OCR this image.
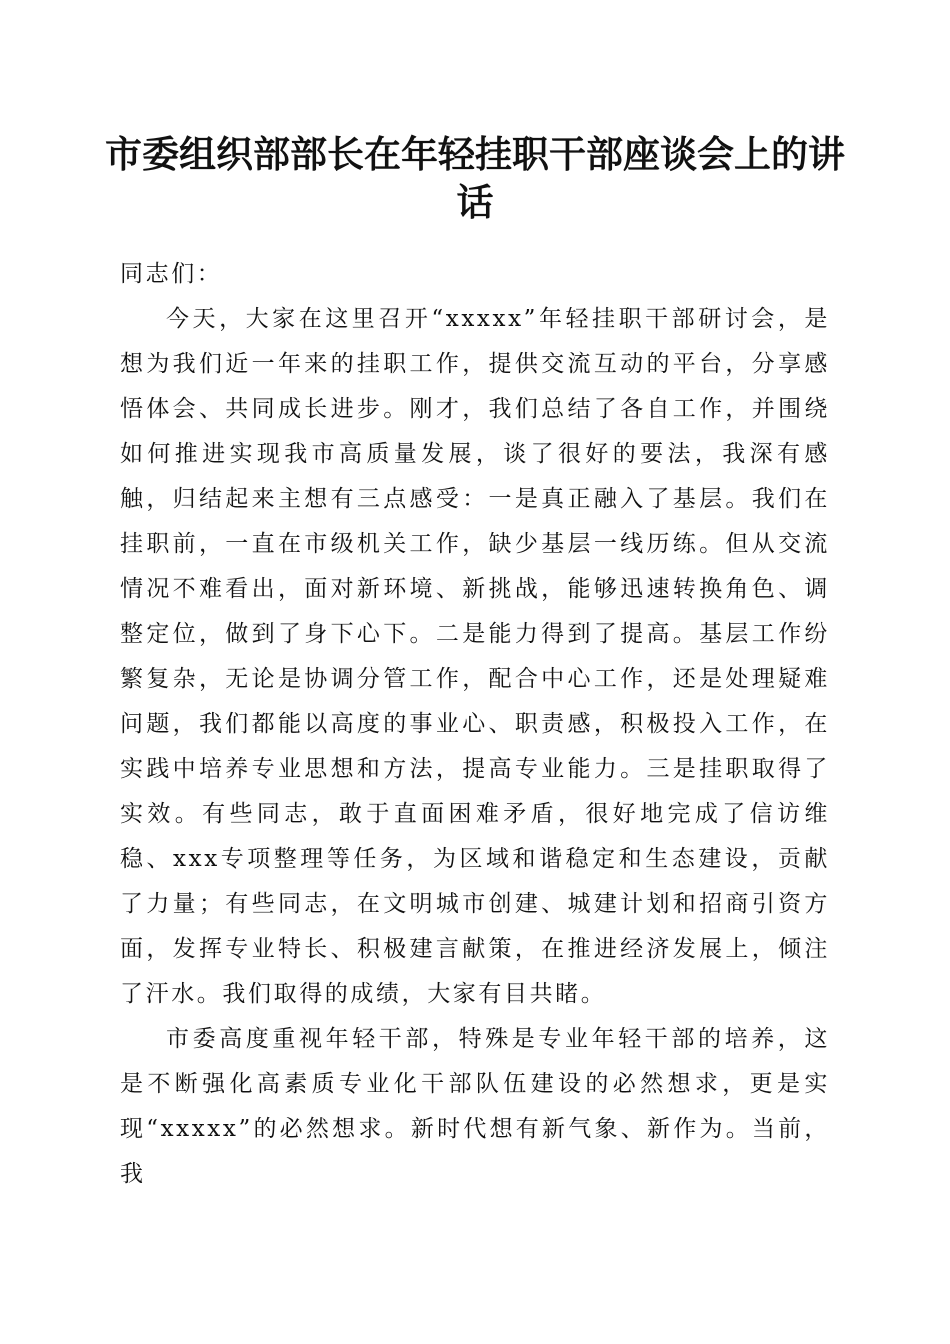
市委组织部部长在年轻挂职干部座谈会上的讲话

同志们：

今天，大家在这里召开“xxxxx”年轻挂职干部研讨会，是想为我们近一年来的挂职工作，提供交流互动的平台，分享感悟体会、共同成长进步。刚才，我们总结了各自工作，并围绕如何推进实现我市高质量发展，谈了很好的要法，我深有感触，归结起来主想有三点感受：一是真正融入了基层。我们在挂职前，一直在市级机关工作，缺少基层一线历练。但从交流情况不难看出，面对新环境、新挑战，能够迅速转换角色、调整定位，做到了身下心下。二是能力得到了提高。基层工作纷繁复杂，无论是协调分管工作，配合中心工作，还是处理疑难问题，我们都能以高度的事业心、职责感，积极投入工作，在实践中培养专业思想和方法，提高专业能力。三是挂职取得了实效。有些同志，敢于直面困难矛盾，很好地完成了信访维稳、xxx专项整理等任务，为区域和谐稳定和生态建设，贡献了力量；有些同志，在文明城市创建、城建计划和招商引资方面，发挥专业特长、积极建言献策，在推进经济发展上，倾注了汗水。我们取得的成绩，大家有目共睹。

市委高度重视年轻干部，特殊是专业年轻干部的培养，这是不断强化高素质专业化干部队伍建设的必然想求，更是实现“xxxxx”的必然想求。新时代想有新气象、新作为。当前，我
